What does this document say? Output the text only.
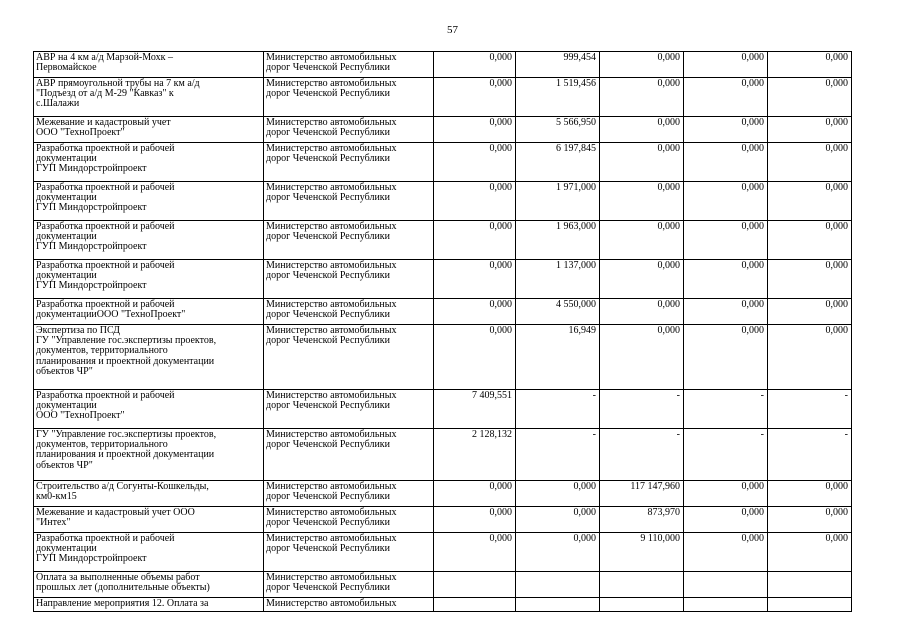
57
АВР на 4 км а/д Марзой-Мохк –
Первомайское	Министерство автомобильных
дорог Чеченской Республики	0,000	999,454	0,000	0,000	0,000
АВР прямоугольной трубы на 7 км а/д
"Подъезд от а/д М-29 "Кавказ" к
с.Шалажи	Министерство автомобильных
дорог Чеченской Республики	0,000	1 519,456	0,000	0,000	0,000
Межевание и кадастровый учет
ООО "ТехноПроект"	Министерство автомобильных
дорог Чеченской Республики	0,000	5 566,950	0,000	0,000	0,000
Разработка проектной и рабочей
документации
ГУП Миндорстройпроект	Министерство автомобильных
дорог Чеченской Республики	0,000	6 197,845	0,000	0,000	0,000
Разработка проектной и рабочей
документации
ГУП Миндорстройпроект	Министерство автомобильных
дорог Чеченской Республики	0,000	1 971,000	0,000	0,000	0,000
Разработка проектной и рабочей
документации
ГУП Миндорстройпроект	Министерство автомобильных
дорог Чеченской Республики	0,000	1 963,000	0,000	0,000	0,000
Разработка проектной и рабочей
документации
ГУП Миндорстройпроект	Министерство автомобильных
дорог Чеченской Республики	0,000	1 137,000	0,000	0,000	0,000
Разработка проектной и рабочей
документацииООО "ТехноПроект"	Министерство автомобильных
дорог Чеченской Республики	0,000	4 550,000	0,000	0,000	0,000
Экспертиза по ПСД
ГУ "Управление гос.экспертизы проектов,
документов, территориального
планирования и проектной документации
объектов ЧР"	Министерство автомобильных
дорог Чеченской Республики	0,000	16,949	0,000	0,000	0,000
Разработка проектной и рабочей
документации
ООО "ТехноПроект"	Министерство автомобильных
дорог Чеченской Республики	7 409,551	-	-	-	-
ГУ "Управление гос.экспертизы проектов,
документов, территориального
планирования и проектной документации
объектов ЧР"	Министерство автомобильных
дорог Чеченской Республики	2 128,132	-	-	-	-
Строительство а/д Согунты-Кошкельды,
км0-км15	Министерство автомобильных
дорог Чеченской Республики	0,000	0,000	117 147,960	0,000	0,000
Межевание и кадастровый учет ООО
"Интех"	Министерство автомобильных
дорог Чеченской Республики	0,000	0,000	873,970	0,000	0,000
Разработка проектной и рабочей
документации
ГУП Миндорстройпроект	Министерство автомобильных
дорог Чеченской Республики	0,000	0,000	9 110,000	0,000	0,000
Оплата за выполненные объемы работ
прошлых лет (дополнительные объекты)	Министерство автомобильных
дорог Чеченской Республики					
Направление мероприятия 12. Оплата за	Министерство автомобильных					
